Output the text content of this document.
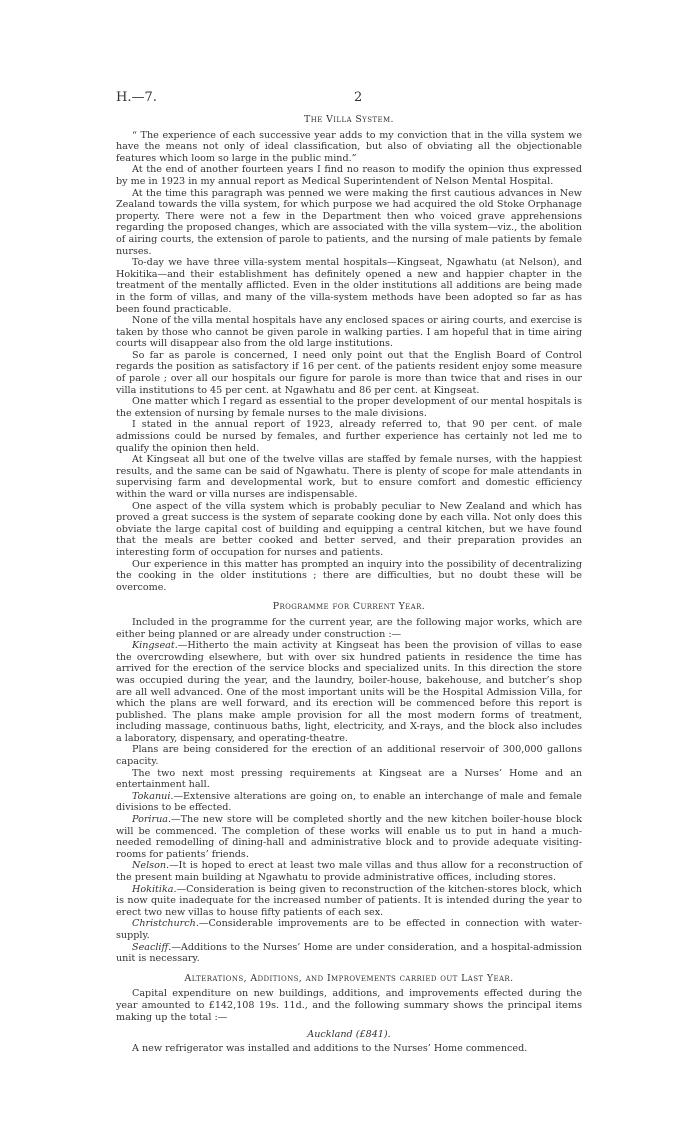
H.—7.	2
The Villa System.

“ The experience of each successive year adds to my conviction that in the villa system we have the means not only of ideal classification, but also of obviating all the objectionable features which loom so large in the public mind.”

At the end of another fourteen years I find no reason to modify the opinion thus expressed by me in 1923 in my annual report as Medical Superintendent of Nelson Mental Hospital.

At the time this paragraph was penned we were making the first cautious advances in New Zealand towards the villa system, for which purpose we had acquired the old Stoke Orphanage property. There were not a few in the Department then who voiced grave apprehensions regarding the proposed changes, which are associated with the villa system—viz., the abolition of airing courts, the extension of parole to patients, and the nursing of male patients by female nurses.

To-day we have three villa-system mental hospitals—Kingseat, Ngawhatu (at Nelson), and Hokitika—and their establishment has definitely opened a new and happier chapter in the treatment of the mentally afflicted. Even in the older institutions all additions are being made in the form of villas, and many of the villa-system methods have been adopted so far as has been found practicable.

None of the villa mental hospitals have any enclosed spaces or airing courts, and exercise is taken by those who cannot be given parole in walking parties. I am hopeful that in time airing courts will disappear also from the old large institutions.

So far as parole is concerned, I need only point out that the English Board of Control regards the position as satisfactory if 16 per cent. of the patients resident enjoy some measure of parole ; over all our hospitals our figure for parole is more than twice that and rises in our villa institutions to 45 per cent. at Ngawhatu and 86 per cent. at Kingseat.

One matter which I regard as essential to the proper development of our mental hospitals is the extension of nursing by female nurses to the male divisions.

I stated in the annual report of 1923, already referred to, that 90 per cent. of male admissions could be nursed by females, and further experience has certainly not led me to qualify the opinion then held.

At Kingseat all but one of the twelve villas are staffed by female nurses, with the happiest results, and the same can be said of Ngawhatu. There is plenty of scope for male attendants in supervising farm and developmental work, but to ensure comfort and domestic efficiency within the ward or villa nurses are indispensable.

One aspect of the villa system which is probably peculiar to New Zealand and which has proved a great success is the system of separate cooking done by each villa. Not only does this obviate the large capital cost of building and equipping a central kitchen, but we have found that the meals are better cooked and better served, and their preparation provides an interesting form of occupation for nurses and patients.

Our experience in this matter has prompted an inquiry into the possibility of decentralizing the cooking in the older institutions ; there are difficulties, but no doubt these will be overcome.

Programme for Current Year.

Included in the programme for the current year, are the following major works, which are either being planned or are already under construction :—

Kingseat.—Hitherto the main activity at Kingseat has been the provision of villas to ease the overcrowding elsewhere, but with over six hundred patients in residence the time has arrived for the erection of the service blocks and specialized units. In this direction the store was occupied during the year, and the laundry, boiler-house, bakehouse, and butcher’s shop are all well advanced. One of the most important units will be the Hospital Admission Villa, for which the plans are well forward, and its erection will be commenced before this report is published. The plans make ample provision for all the most modern forms of treatment, including massage, continuous baths, light, electricity, and X-rays, and the block also includes a laboratory, dispensary, and operating-theatre.

Plans are being considered for the erection of an additional reservoir of 300,000 gallons capacity.

The two next most pressing requirements at Kingseat are a Nurses’ Home and an entertainment hall.

Tokanui.—Extensive alterations are going on, to enable an interchange of male and female divisions to be effected.

Porirua.—The new store will be completed shortly and the new kitchen boiler-house block will be commenced. The completion of these works will enable us to put in hand a much-needed remodelling of dining-hall and administrative block and to provide adequate visiting-rooms for patients’ friends.

Nelson.—It is hoped to erect at least two male villas and thus allow for a reconstruction of the present main building at Ngawhatu to provide administrative offices, including stores.

Hokitika.—Consideration is being given to reconstruction of the kitchen-stores block, which is now quite inadequate for the increased number of patients. It is intended during the year to erect two new villas to house fifty patients of each sex.

Christchurch.—Considerable improvements are to be effected in connection with water-supply.

Seacliff.—Additions to the Nurses’ Home are under consideration, and a hospital-admission unit is necessary.

Alterations, Additions, and Improvements carried out Last Year.

Capital expenditure on new buildings, additions, and improvements effected during the year amounted to £142,108 19s. 11d., and the following summary shows the principal items making up the total :—

Auckland (£841).

A new refrigerator was installed and additions to the Nurses’ Home commenced.
